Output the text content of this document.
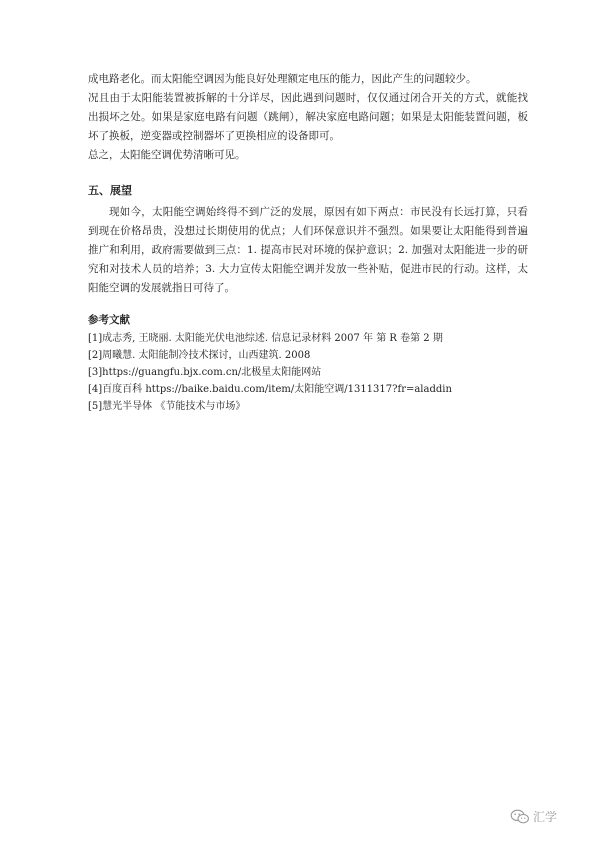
成电路老化。而太阳能空调因为能良好处理额定电压的能力，因此产生的问题较少。

况且由于太阳能装置被拆解的十分详尽，因此遇到问题时，仅仅通过闭合开关的方式，就能找出损坏之处。如果是家庭电路有问题（跳闸），解决家庭电路问题；如果是太阳能装置问题，板坏了换板，逆变器或控制器坏了更换相应的设备即可。

总之，太阳能空调优势清晰可见。

五、展望

现如今，太阳能空调始终得不到广泛的发展，原因有如下两点：市民没有长远打算，只看到现在价格昂贵，没想过长期使用的优点；人们环保意识并不强烈。如果要让太阳能得到普遍推广和利用，政府需要做到三点：1. 提高市民对环境的保护意识；2. 加强对太阳能进一步的研究和对技术人员的培养；3. 大力宣传太阳能空调并发放一些补贴，促进市民的行动。这样，太阳能空调的发展就指日可待了。

参考文献
[1]成志秀, 王晓丽. 太阳能光伏电池综述. 信息记录材料 2007 年 第 R 卷第 2 期
[2]周曦慧. 太阳能制冷技术探讨，山西建筑. 2008
[3]https://guangfu.bjx.com.cn/北极星太阳能网站
[4]百度百科 https://baike.baidu.com/item/太阳能空调/1311317?fr=aladdin
[5]慧光半导体 《节能技术与市场》
汇学
